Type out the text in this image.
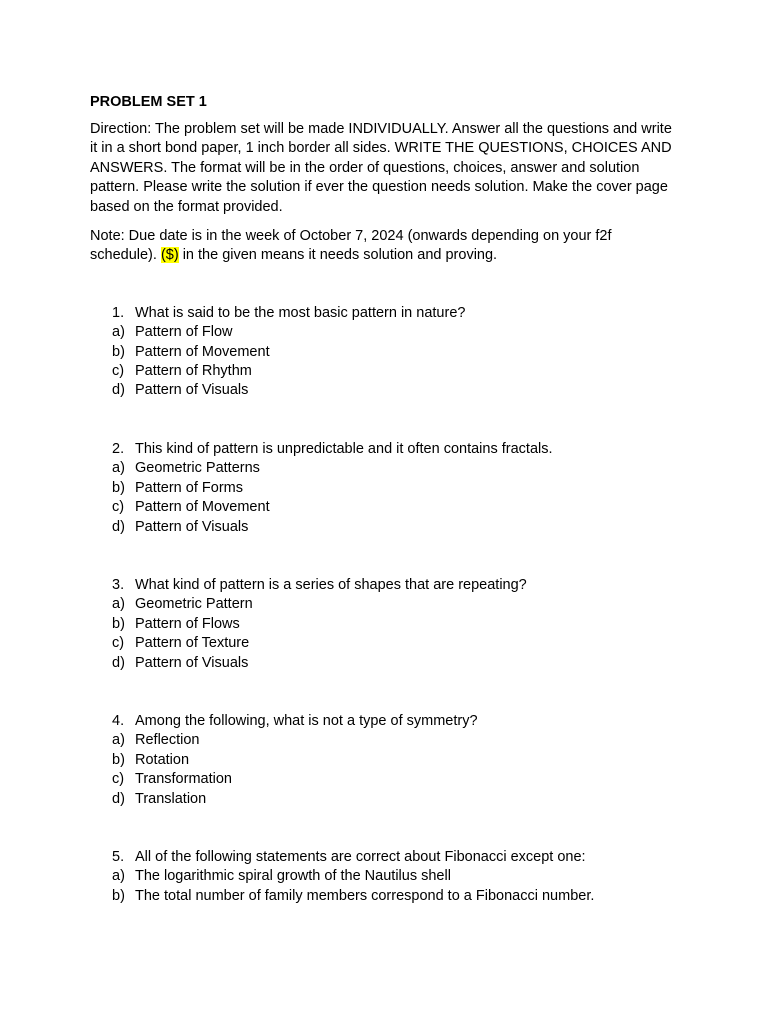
PROBLEM SET 1

Direction: The problem set will be made INDIVIDUALLY. Answer all the questions and write it in a short bond paper, 1 inch border all sides. WRITE THE QUESTIONS, CHOICES AND ANSWERS. The format will be in the order of questions, choices, answer and solution pattern. Please write the solution if ever the question needs solution. Make the cover page based on the format provided.

Note: Due date is in the week of October 7, 2024 (onwards depending on your f2f schedule). ($) in the given means it needs solution and proving.

1. What is said to be the most basic pattern in nature?
a) Pattern of Flow
b) Pattern of Movement
c) Pattern of Rhythm
d) Pattern of Visuals
2. This kind of pattern is unpredictable and it often contains fractals.
a) Geometric Patterns
b) Pattern of Forms
c) Pattern of Movement
d) Pattern of Visuals
3. What kind of pattern is a series of shapes that are repeating?
a) Geometric Pattern
b) Pattern of Flows
c) Pattern of Texture
d) Pattern of Visuals
4. Among the following, what is not a type of symmetry?
a) Reflection
b) Rotation
c) Transformation
d) Translation
5. All of the following statements are correct about Fibonacci except one:
a) The logarithmic spiral growth of the Nautilus shell
b) The total number of family members correspond to a Fibonacci number.
